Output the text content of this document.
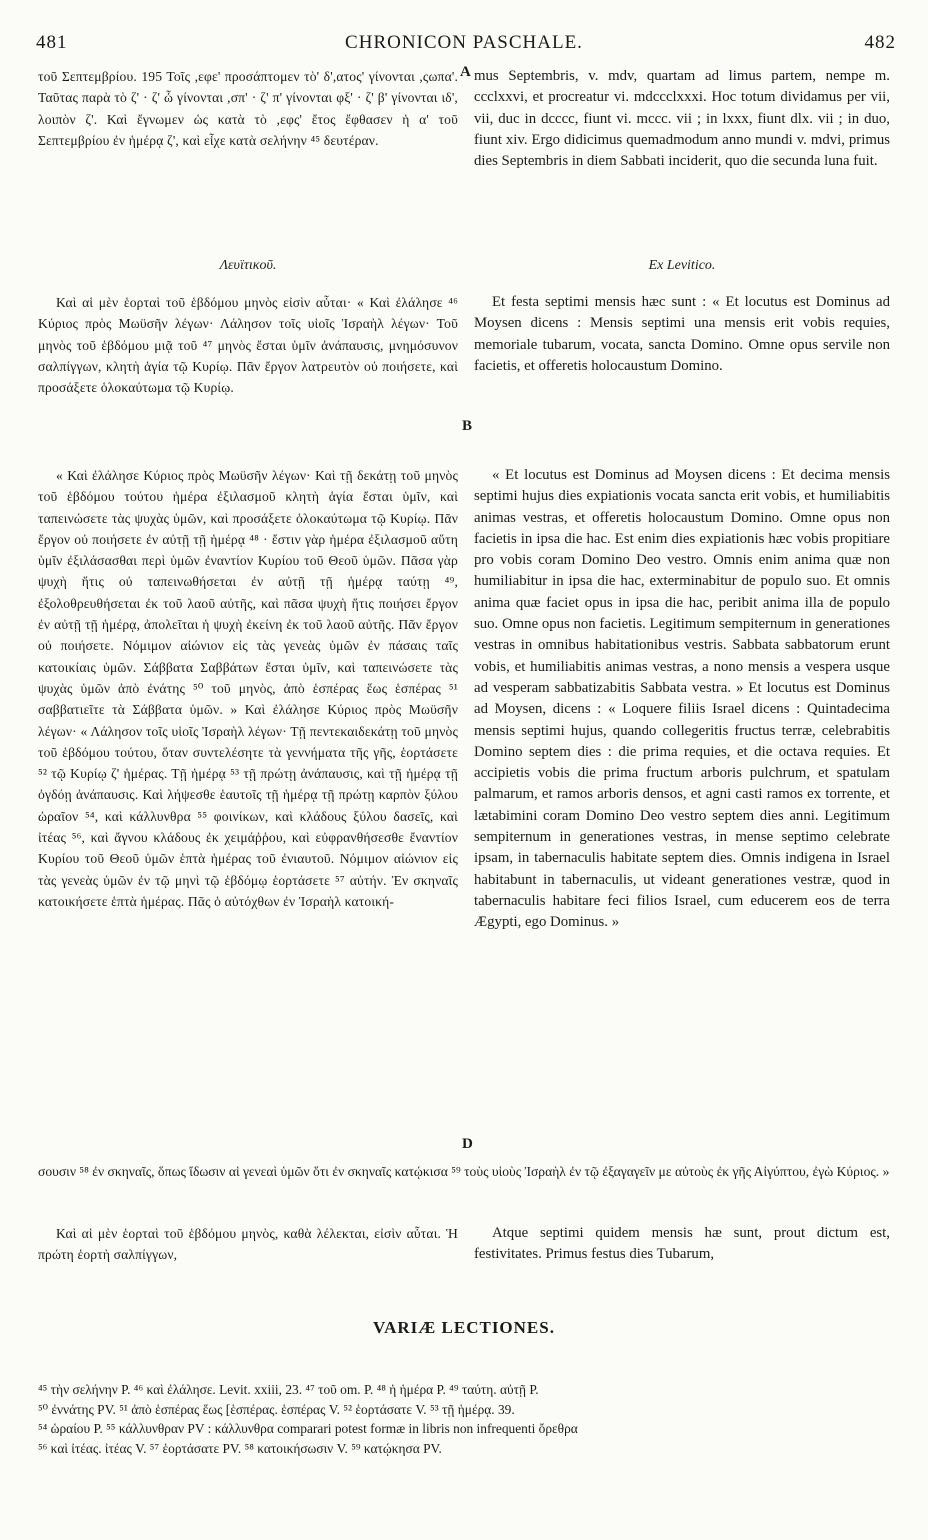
481	CHRONICON PASCHALE.	482
τοῦ Σεπτεμβρίου. 195 Τοῖς ,εφε' προσάπτομεν τὸ' δ',ατος' γίνονται ,ςωπα'. Ταῦτας παρὰ τὸ ζ' · ζ' ὧ γίνονται ,σπ' · ζ' π' γίνονται φξ' · ζ' β' γίνονται ιδ', λοιπὸν ζ'. Καὶ ἔγνωμεν ὡς κατὰ τὸ ,εφς' ἔτος ἔφθασεν ἡ α' τοῦ Σεπτεμβρίου ἐν ἡμέρᾳ ζ', καὶ εἶχε κατὰ σελήνην ⁴⁵ δευτέραν.
mus Septembris, v. mdv, quartam ad limus partem, nempe m. ccclxxvi, et procreatur vi. mdccclxxxi. Hoc totum dividamus per vii, vii, duc in dcccc, fiunt vi. mccc. vii ; in lxxx, fiunt dlx. vii ; in duo, fiunt xiv. Ergo didicimus quemadmodum anno mundi v. mdvi, primus dies Septembris in diem Sabbati inciderit, quo die secunda luna fuit.
A
Λευϊτικοῦ.	Ex Levitico.
Καὶ αἱ μὲν ἑορταὶ τοῦ ἑβδόμου μηνὸς εἰσὶν αὗται· « Καὶ ἐλάλησε ⁴⁶ Κύριος πρὸς Μωϋσῆν λέγων· Λάλησον τοῖς υἱοῖς Ἰσραὴλ λέγων· Τοῦ μηνὸς τοῦ ἑβδόμου μιᾷ τοῦ ⁴⁷ μηνὸς ἔσται ὑμῖν ἀνάπαυσις, μνημόσυνον σαλπίγγων, κλητὴ ἁγία τῷ Κυρίῳ. Πᾶν ἔργον λατρευτὸν οὐ ποιήσετε, καὶ προσάξετε ὁλοκαύτωμα τῷ Κυρίῳ.
Et festa septimi mensis hæc sunt : « Et locutus est Dominus ad Moysen dicens : Mensis septimi una mensis erit vobis requies, memoriale tubarum, vocata, sancta Domino. Omne opus servile non facietis, et offeretis holocaustum Domino.
B
« Καὶ ἐλάλησε Κύριος πρὸς Μωϋσῆν λέγων· Καὶ τῇ δεκάτῃ τοῦ μηνὸς τοῦ ἑβδόμου τούτου ἡμέρα ἐξιλασμοῦ κλητὴ ἁγία ἔσται ὑμῖν, καὶ ταπεινώσετε τὰς ψυχὰς ὑμῶν, καὶ προσάξετε ὁλοκαύτωμα τῷ Κυρίῳ. Πᾶν ἔργον οὐ ποιήσετε ἐν αὐτῇ τῇ ἡμέρᾳ ⁴⁸ · ἔστιν γὰρ ἡμέρα ἐξιλασμοῦ αὕτη ὑμῖν ἐξιλάσασθαι περὶ ὑμῶν ἐναντίον Κυρίου τοῦ Θεοῦ ὑμῶν. Πᾶσα γὰρ ψυχὴ ἥτις οὐ ταπεινωθήσεται ἐν αὐτῇ τῇ ἡμέρᾳ ταύτῃ ⁴⁹, ἐξολοθρευθήσεται ἐκ τοῦ λαοῦ αὐτῆς, καὶ πᾶσα ψυχὴ ἥτις ποιήσει ἔργον ἐν αὐτῇ τῇ ἡμέρᾳ, ἀπολεῖται ἡ ψυχὴ ἐκείνη ἐκ τοῦ λαοῦ αὐτῆς. Πᾶν ἔργον οὐ ποιήσετε. Νόμιμον αἰώνιον εἰς τὰς γενεὰς ὑμῶν ἐν πάσαις ταῖς κατοικίαις ὑμῶν. Σάββατα Σαββάτων ἔσται ὑμῖν, καὶ ταπεινώσετε τὰς ψυχὰς ὑμῶν ἀπὸ ἐνάτης ⁵⁰ τοῦ μηνὸς, ἀπὸ ἑσπέρας ἕως ἑσπέρας ⁵¹ σαββατιεῖτε τὰ Σάββατα ὑμῶν. » Καὶ ἐλάλησε Κύριος πρὸς Μωϋσῆν λέγων· « Λάλησον τοῖς υἱοῖς Ἰσραὴλ λέγων· Τῇ πεντεκαιδεκάτῃ τοῦ μηνὸς τοῦ ἑβδόμου τούτου, ὅταν συντελέσητε τὰ γεννήματα τῆς γῆς, ἑορτάσετε ⁵² τῷ Κυρίῳ ζ' ἡμέρας. Τῇ ἡμέρᾳ ⁵³ τῇ πρώτῃ ἀνάπαυσις, καὶ τῇ ἡμέρᾳ τῇ ὀγδόῃ ἀνάπαυσις. Καὶ λήψεσθε ἑαυτοῖς τῇ ἡμέρᾳ τῇ πρώτῃ καρπὸν ξύλου ὡραῖον ⁵⁴, καὶ κάλλυνθρα ⁵⁵ φοινίκων, καὶ κλάδους ξύλου δασεῖς, καὶ ἰτέας ⁵⁶, καὶ ἄγνου κλάδους ἐκ χειμάῤῥου, καὶ εὐφρανθήσεσθε ἔναντίον Κυρίου τοῦ Θεοῦ ὑμῶν ἑπτὰ ἡμέρας τοῦ ἐνιαυτοῦ. Νόμιμον αἰώνιον εἰς τὰς γενεὰς ὑμῶν ἐν τῷ μηνὶ τῷ ἑβδόμῳ ἑορτάσετε ⁵⁷ αὐτήν. Ἐν σκηναῖς κατοικήσετε ἑπτὰ ἡμέρας. Πᾶς ὁ αὐτόχθων ἐν Ἰσραὴλ κατοική-
« Et locutus est Dominus ad Moysen dicens : Et decima mensis septimi hujus dies expiationis vocata sancta erit vobis, et humiliabitis animas vestras, et offeretis holocaustum Domino. Omne opus non facietis in ipsa die hac. Est enim dies expiationis hæc vobis propitiare pro vobis coram Domino Deo vestro. Omnis enim anima quæ non humiliabitur in ipsa die hac, exterminabitur de populo suo. Et omnis anima quæ faciet opus in ipsa die hac, peribit anima illa de populo suo. Omne opus non facietis. Legitimum sempiternum in generationes vestras in omnibus habitationibus vestris. Sabbata sabbatorum erunt vobis, et humiliabitis animas vestras, a nono mensis a vespera usque ad vesperam sabbatizabitis Sabbata vestra. » Et locutus est Dominus ad Moysen, dicens : « Loquere filiis Israel dicens : Quintadecima mensis septimi hujus, quando collegeritis fructus terræ, celebrabitis Domino septem dies : die prima requies, et die octava requies. Et accipietis vobis die prima fructum arboris pulchrum, et spatulam palmarum, et ramos arboris densos, et agni casti ramos ex torrente, et lætabimini coram Domino Deo vestro septem dies anni. Legitimum sempiternum in generationes vestras, in mense septimo celebrate ipsam, in tabernaculis habitate septem dies. Omnis indigena in Israel habitabunt in tabernaculis, ut videant generationes vestræ, quod in tabernaculis habitare feci filios Israel, cum educerem eos de terra Ægypti, ego Dominus. »
D
σουσιν ⁵⁸ ἐν σκηναῖς, ὅπως ἴδωσιν αἱ γενεαὶ ὑμῶν ὅτι ἐν σκηναῖς κατῴκισα ⁵⁹ τοὺς υἱοὺς Ἰσραὴλ ἐν τῷ ἐξαγαγεῖν με αὐτοὺς ἐκ γῆς Αἰγύπτου, ἐγὼ Κύριος. »
Καὶ αἱ μὲν ἑορταὶ τοῦ ἑβδόμου μηνὸς, καθὰ λέλεκται, εἰσὶν αὗται. Ἡ πρώτη ἑορτὴ σαλπίγγων,
Atque septimi quidem mensis hæ sunt, prout dictum est, festivitates. Primus festus dies Tubarum,
VARIÆ LECTIONES.
⁴⁵ τὴν σελήνην P. ⁴⁶ καὶ ἐλάλησε. Levit. xxiii, 23. ⁴⁷ τοῦ om. P. ⁴⁸ ἡ ἡμέρα P. ⁴⁹ ταύτη. αὐτῇ P.
⁵⁰ ἐννάτης PV. ⁵¹ ἀπὸ ἑσπέρας ἕως [ἑσπέρας. ἑσπέρας V. ⁵² ἑορτάσατε V. ⁵³ τῇ ἡμέρᾳ. 39.
⁵⁴ ὡραίου P. ⁵⁵ κάλλυνθραν PV : κάλλυνθρα comparari potest formæ in libris non infrequenti ὄρεθρα
⁵⁶ καὶ ἰτέας. ἰτέας V. ⁵⁷ ἑορτάσατε PV. ⁵⁸ κατοικήσωσιν V. ⁵⁹ κατῴκησα PV.
